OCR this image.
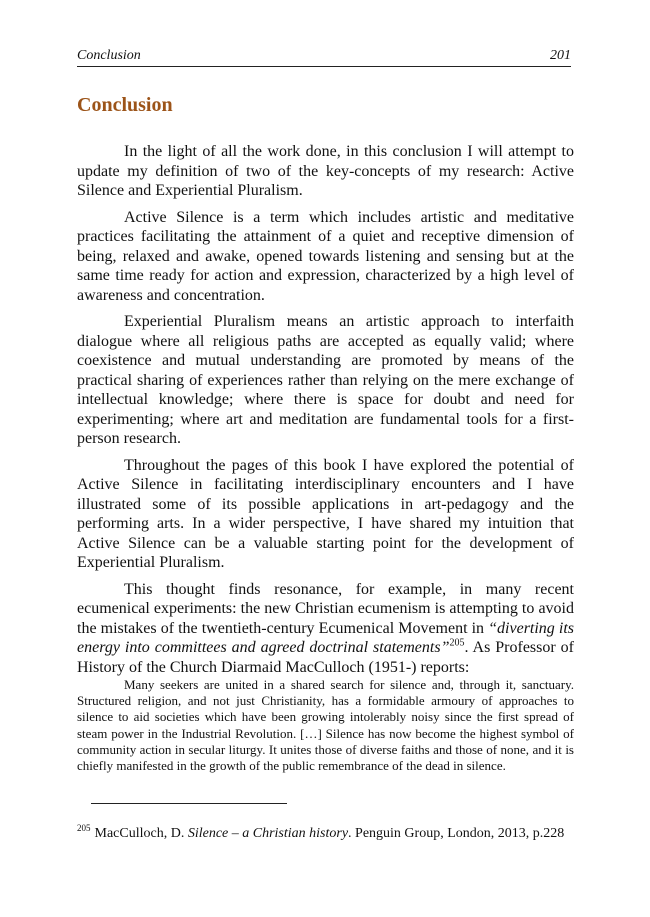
Conclusion	201
Conclusion

In the light of all the work done, in this conclusion I will attempt to update my definition of two of the key-concepts of my research: Active Silence and Experiential Pluralism.

Active Silence is a term which includes artistic and meditative practices facilitating the attainment of a quiet and receptive dimension of being, relaxed and awake, opened towards listening and sensing but at the same time ready for action and expression, characterized by a high level of awareness and concentration.

Experiential Pluralism means an artistic approach to interfaith dialogue where all religious paths are accepted as equally valid; where coexistence and mutual understanding are promoted by means of the practical sharing of experiences rather than relying on the mere exchange of intellectual knowledge; where there is space for doubt and need for experimenting; where art and meditation are fundamental tools for a first-person research.

Throughout the pages of this book I have explored the potential of Active Silence in facilitating interdisciplinary encounters and I have illustrated some of its possible applications in art-pedagogy and the performing arts. In a wider perspective, I have shared my intuition that Active Silence can be a valuable starting point for the development of Experiential Pluralism.

This thought finds resonance, for example, in many recent ecumenical experiments: the new Christian ecumenism is attempting to avoid the mistakes of the twentieth-century Ecumenical Movement in “diverting its energy into committees and agreed doctrinal statements”$^{205}$. As Professor of History of the Church Diarmaid MacCulloch (1951-) reports:

Many seekers are united in a shared search for silence and, through it, sanctuary. Structured religion, and not just Christianity, has a formidable armoury of approaches to silence to aid societies which have been growing intolerably noisy since the first spread of steam power in the Industrial Revolution. […] Silence has now become the highest symbol of community action in secular liturgy. It unites those of diverse faiths and those of none, and it is chiefly manifested in the growth of the public remembrance of the dead in silence.

$^{205}$ MacCulloch, D. Silence – a Christian history. Penguin Group, London, 2013, p.228
